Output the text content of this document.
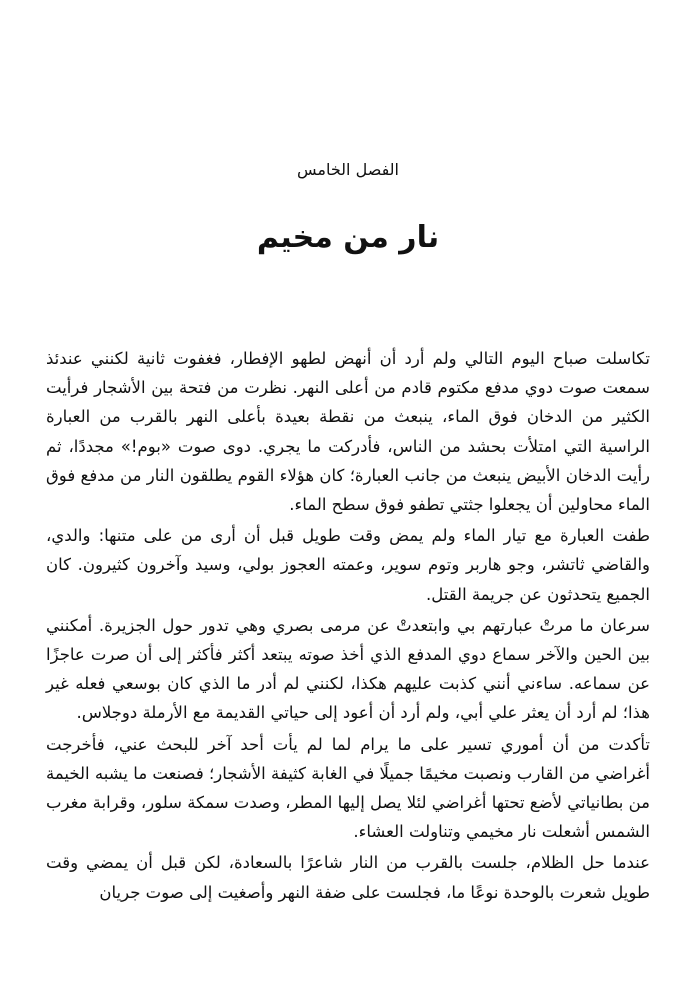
الفصل الخامس
نار من مخيم

تكاسلت صباح اليوم التالي ولم أرد أن أنهض لطهو الإفطار، فغفوت ثانية لكنني عندئذ سمعت صوت دوي مدفع مكتوم قادم من أعلى النهر. نظرت من فتحة بين الأشجار فرأيت الكثير من الدخان فوق الماء، ينبعث من نقطة بعيدة بأعلى النهر بالقرب من العبارة الراسية التي امتلأت بحشد من الناس، فأدركت ما يجري. دوى صوت «بوم!» مجددًا، ثم رأيت الدخان الأبيض ينبعث من جانب العبارة؛ كان هؤلاء القوم يطلقون النار من مدفع فوق الماء محاولين أن يجعلوا جثتي تطفو فوق سطح الماء.

طفت العبارة مع تيار الماء ولم يمض وقت طويل قبل أن أرى من على متنها: والدي، والقاضي ثاتشر، وجو هاربر وتوم سوير، وعمته العجوز بولي، وسيد وآخرون كثيرون. كان الجميع يتحدثون عن جريمة القتل.

سرعان ما مرتْ عبارتهم بي وابتعدتْ عن مرمى بصري وهي تدور حول الجزيرة. أمكنني بين الحين والآخر سماع دوي المدفع الذي أخذ صوته يبتعد أكثر فأكثر إلى أن صرت عاجزًا عن سماعه. ساءني أنني كذبت عليهم هكذا، لكنني لم أدر ما الذي كان بوسعي فعله غير هذا؛ لم أرد أن يعثر علي أبي، ولم أرد أن أعود إلى حياتي القديمة مع الأرملة دوجلاس.

تأكدت من أن أموري تسير على ما يرام لما لم يأت أحد آخر للبحث عني، فأخرجت أغراضي من القارب ونصبت مخيمًا جميلًا في الغابة كثيفة الأشجار؛ فصنعت ما يشبه الخيمة من بطانياتي لأضع تحتها أغراضي لئلا يصل إليها المطر، وصدت سمكة سلور، وقرابة مغرب الشمس أشعلت نار مخيمي وتناولت العشاء.

عندما حل الظلام، جلست بالقرب من النار شاعرًا بالسعادة، لكن قبل أن يمضي وقت طويل شعرت بالوحدة نوعًا ما، فجلست على ضفة النهر وأصغيت إلى صوت جريان
